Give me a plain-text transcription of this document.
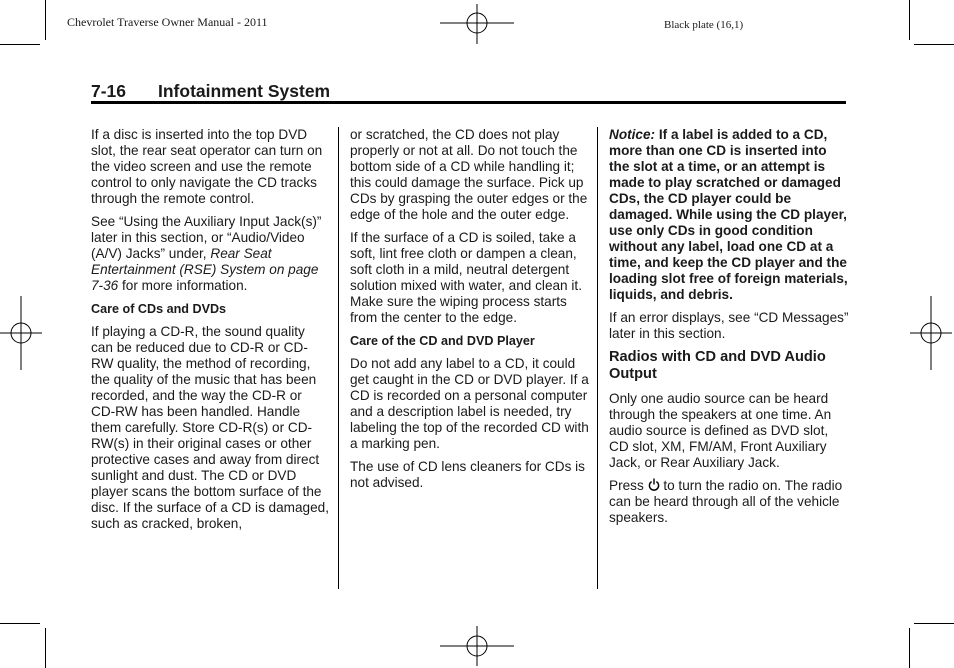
Chevrolet Traverse Owner Manual - 2011	Black plate (16,1)
7-16 Infotainment System

If a disc is inserted into the top DVD slot, the rear seat operator can turn on the video screen and use the remote control to only navigate the CD tracks through the remote control.

See “Using the Auxiliary Input Jack(s)” later in this section, or “Audio/Video (A/V) Jacks” under, Rear Seat Entertainment (RSE) System on page 7‑36 for more information.

Care of CDs and DVDs

If playing a CD-R, the sound quality can be reduced due to CD-R or CD-RW quality, the method of recording, the quality of the music that has been recorded, and the way the CD-R or CD-RW has been handled. Handle them carefully. Store CD-R(s) or CD-RW(s) in their original cases or other protective cases and away from direct sunlight and dust. The CD or DVD player scans the bottom surface of the disc. If the surface of a CD is damaged, such as cracked, broken,

or scratched, the CD does not play properly or not at all. Do not touch the bottom side of a CD while handling it; this could damage the surface. Pick up CDs by grasping the outer edges or the edge of the hole and the outer edge.

If the surface of a CD is soiled, take a soft, lint free cloth or dampen a clean, soft cloth in a mild, neutral detergent solution mixed with water, and clean it. Make sure the wiping process starts from the center to the edge.

Care of the CD and DVD Player

Do not add any label to a CD, it could get caught in the CD or DVD player. If a CD is recorded on a personal computer and a description label is needed, try labeling the top of the recorded CD with a marking pen.

The use of CD lens cleaners for CDs is not advised.

Notice: If a label is added to a CD, more than one CD is inserted into the slot at a time, or an attempt is made to play scratched or damaged CDs, the CD player could be damaged. While using the CD player, use only CDs in good condition without any label, load one CD at a time, and keep the CD player and the loading slot free of foreign materials, liquids, and debris.

If an error displays, see “CD Messages” later in this section.

Radios with CD and DVD Audio Output

Only one audio source can be heard through the speakers at one time. An audio source is defined as DVD slot, CD slot, XM, FM/AM, Front Auxiliary Jack, or Rear Auxiliary Jack.

Press to turn the radio on. The radio can be heard through all of the vehicle speakers.
